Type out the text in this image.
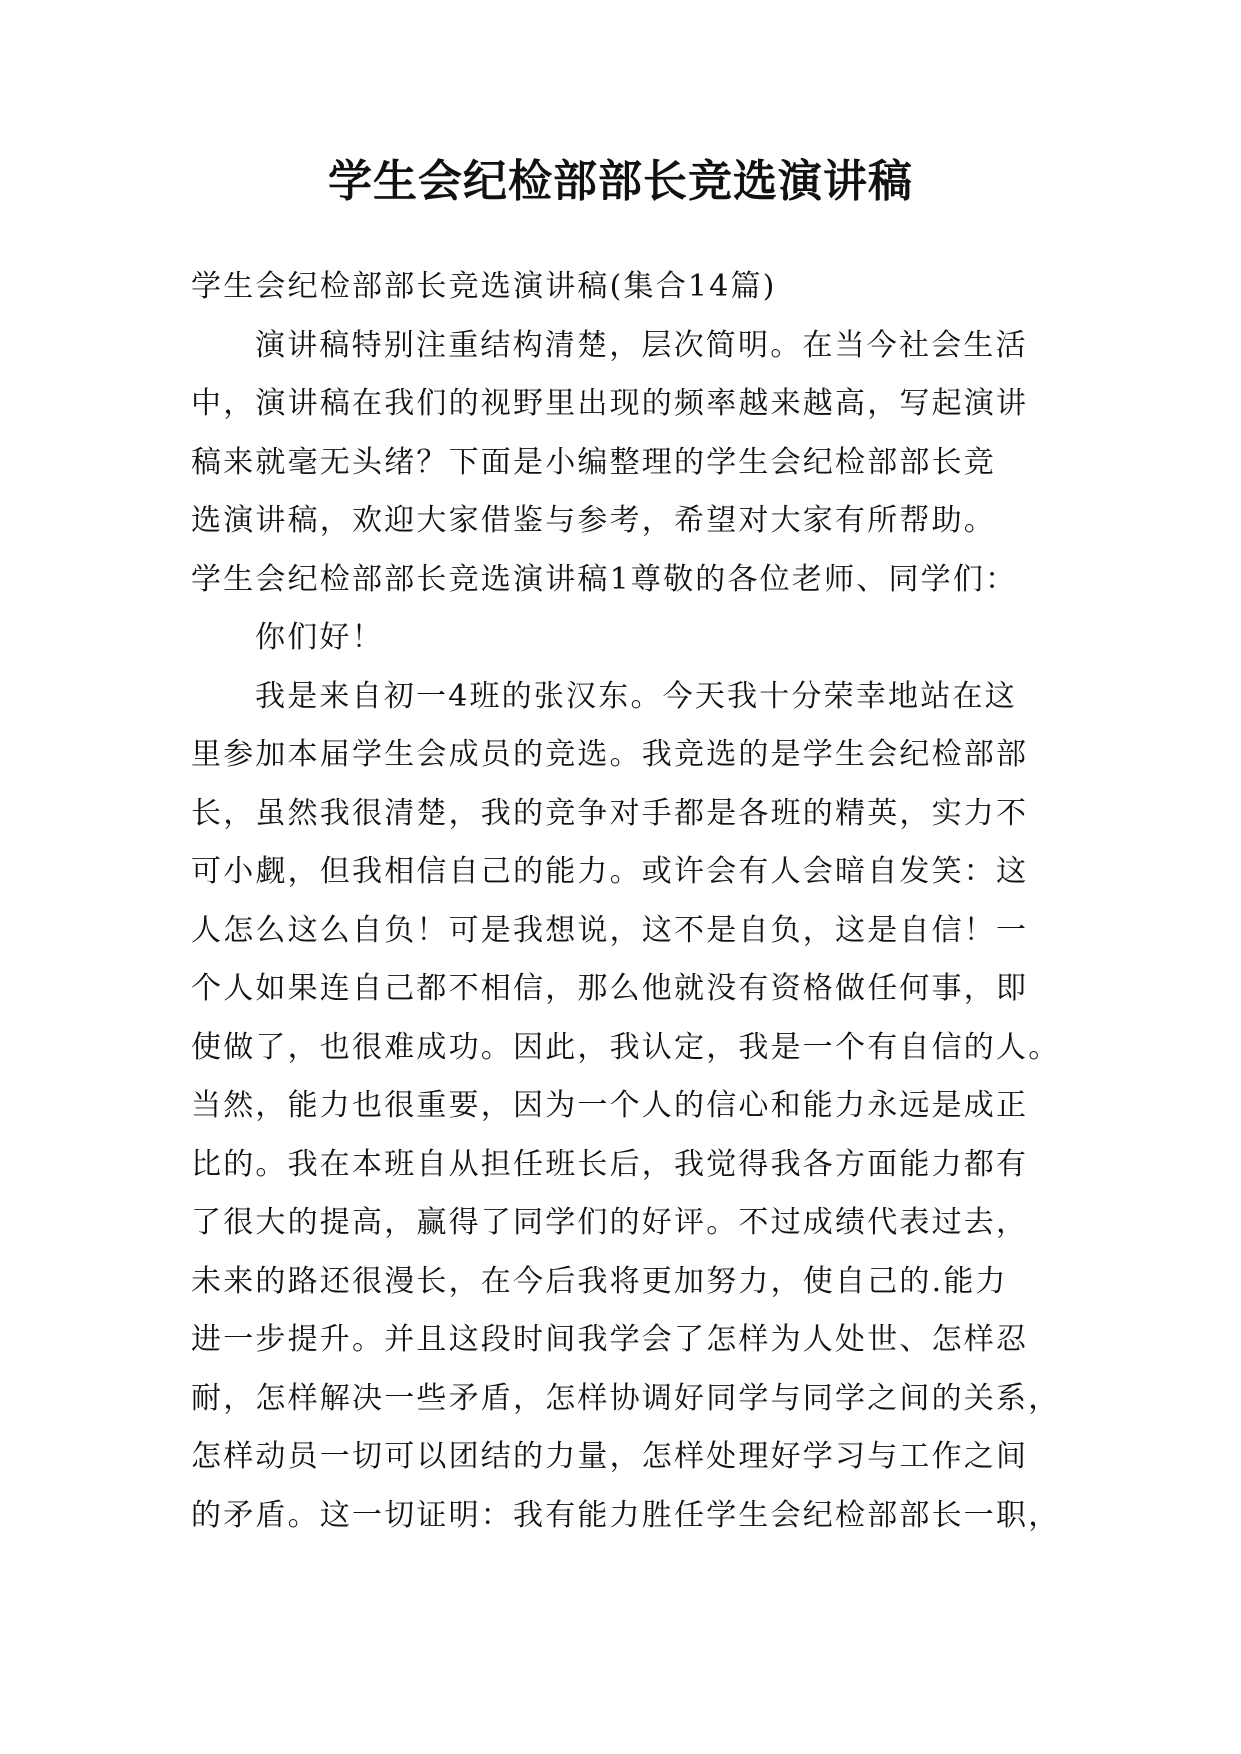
学生会纪检部部长竞选演讲稿
学生会纪检部部长竞选演讲稿(集合14篇)
演讲稿特别注重结构清楚，层次简明。在当今社会生活
中，演讲稿在我们的视野里出现的频率越来越高，写起演讲
稿来就毫无头绪？下面是小编整理的学生会纪检部部长竞
选演讲稿，欢迎大家借鉴与参考，希望对大家有所帮助。
学生会纪检部部长竞选演讲稿1尊敬的各位老师、同学们：
你们好！
我是来自初一4班的张汉东。今天我十分荣幸地站在这
里参加本届学生会成员的竞选。我竞选的是学生会纪检部部
长，虽然我很清楚，我的竞争对手都是各班的精英，实力不
可小觑，但我相信自己的能力。或许会有人会暗自发笑：这
人怎么这么自负！可是我想说，这不是自负，这是自信！一
个人如果连自己都不相信，那么他就没有资格做任何事，即
使做了，也很难成功。因此，我认定，我是一个有自信的人。
当然，能力也很重要，因为一个人的信心和能力永远是成正
比的。我在本班自从担任班长后，我觉得我各方面能力都有
了很大的提高，赢得了同学们的好评。不过成绩代表过去，
未来的路还很漫长，在今后我将更加努力，使自己的.能力
进一步提升。并且这段时间我学会了怎样为人处世、怎样忍
耐，怎样解决一些矛盾，怎样协调好同学与同学之间的关系，
怎样动员一切可以团结的力量，怎样处理好学习与工作之间
的矛盾。这一切证明：我有能力胜任学生会纪检部部长一职，
